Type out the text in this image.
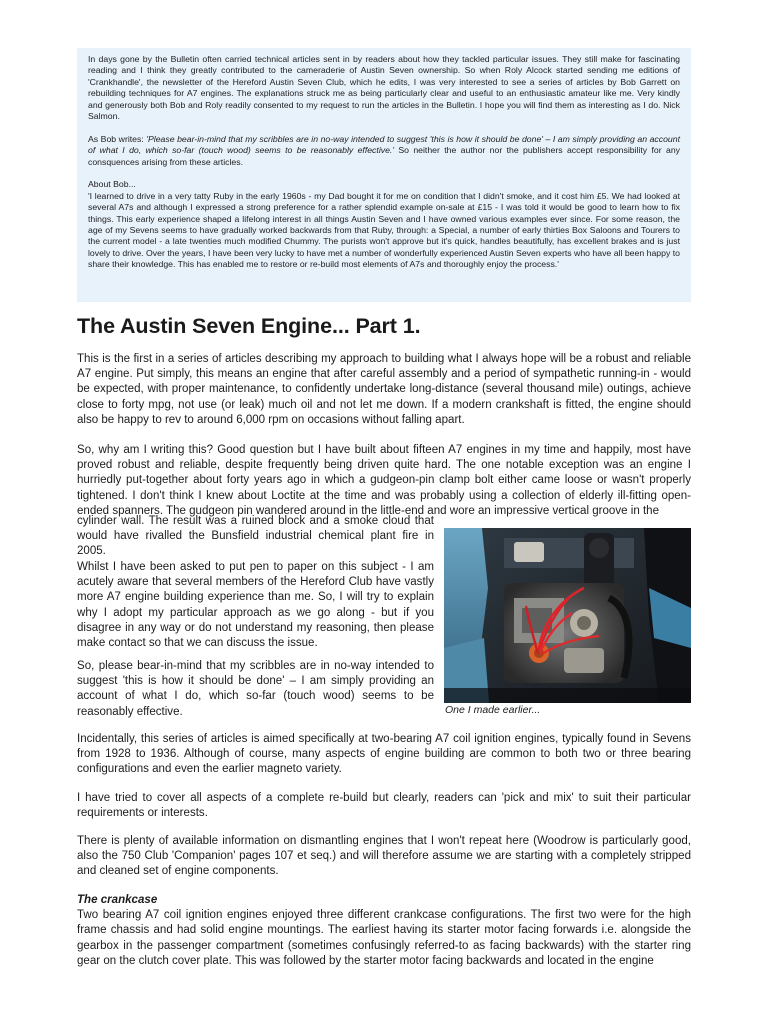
In days gone by the Bulletin often carried technical articles sent in by readers about how they tackled particular issues. They still make for fascinating reading and I think they greatly contributed to the cameraderie of Austin Seven ownership. So when Roly Alcock started sending me editions of 'Crankhandle', the newsletter of the Hereford Austin Seven Club, which he edits, I was very interested to see a series of articles by Bob Garrett on rebuilding techniques for A7 engines. The explanations struck me as being particularly clear and useful to an enthusiastic amateur like me. Very kindly and generously both Bob and Roly readily consented to my request to run the articles in the Bulletin. I hope you will find them as interesting as I do. Nick Salmon.

As Bob writes: 'Please bear-in-mind that my scribbles are in no-way intended to suggest 'this is how it should be done' – I am simply providing an account of what I do, which so-far (touch wood) seems to be reasonably effective.' So neither the author nor the publishers accept responsibility for any consquences arising from these articles.

About Bob...

'I learned to drive in a very tatty Ruby in the early 1960s - my Dad bought it for me on condition that I didn't smoke, and it cost him £5. We had looked at several A7s and although I expressed a strong preference for a rather splendid example on-sale at £15 - I was told it would be good to learn how to fix things. This early experience shaped a lifelong interest in all things Austin Seven and I have owned various examples ever since. For some reason, the age of my Sevens seems to have gradually worked backwards from that Ruby, through: a Special, a number of early thirties Box Saloons and Tourers to the current model - a late twenties much modified Chummy. The purists won't approve but it's quick, handles beautifully, has excellent brakes and is just lovely to drive. Over the years, I have been very lucky to have met a number of wonderfully experienced Austin Seven experts who have all been happy to share their knowledge. This has enabled me to restore or re-build most elements of A7s and thoroughly enjoy the process.'

The Austin Seven Engine... Part 1.

This is the first in a series of articles describing my approach to building what I always hope will be a robust and reliable A7 engine. Put simply, this means an engine that after careful assembly and a period of sympathetic running-in - would be expected, with proper maintenance, to confidently undertake long-distance (several thousand mile) outings, achieve close to forty mpg, not use (or leak) much oil and not let me down. If a modern crankshaft is fitted, the engine should also be happy to rev to around 6,000 rpm on occasions without falling apart.

So, why am I writing this? Good question but I have built about fifteen A7 engines in my time and happily, most have proved robust and reliable, despite frequently being driven quite hard. The one notable exception was an engine I hurriedly put-together about forty years ago in which a gudgeon-pin clamp bolt either came loose or wasn't properly tightened. I don't think I knew about Loctite at the time and was probably using a collection of elderly ill-fitting open-ended spanners. The gudgeon pin wandered around in the little-end and wore an impressive vertical groove in the

cylinder wall. The result was a ruined block and a smoke cloud that would have rivalled the Bunsfield industrial chemical plant fire in 2005.

Whilst I have been asked to put pen to paper on this subject - I am acutely aware that several members of the Hereford Club have vastly more A7 engine building experience than me. So, I will try to explain why I adopt my particular approach as we go along - but if you disagree in any way or do not understand my reasoning, then please make contact so that we can discuss the issue.

So, please bear-in-mind that my scribbles are in no-way intended to suggest 'this is how it should be done' – I am simply providing an account of what I do, which so-far (touch wood) seems to be reasonably effective.	One I made earlier...

Incidentally, this series of articles is aimed specifically at two-bearing A7 coil ignition engines, typically found in Sevens from 1928 to 1936. Although of course, many aspects of engine building are common to both two or three bearing configurations and even the earlier magneto variety.

I have tried to cover all aspects of a complete re-build but clearly, readers can 'pick and mix' to suit their particular requirements or interests.

There is plenty of available information on dismantling engines that I won't repeat here (Woodrow is particularly good, also the 750 Club 'Companion' pages 107 et seq.) and will therefore assume we are starting with a completely stripped and cleaned set of engine components.

The crankcase

Two bearing A7 coil ignition engines enjoyed three different crankcase configurations. The first two were for the high frame chassis and had solid engine mountings. The earliest having its starter motor facing forwards i.e. alongside the gearbox in the passenger compartment (sometimes confusingly referred-to as facing backwards) with the starter ring gear on the clutch cover plate. This was followed by the starter motor facing backwards and located in the engine
